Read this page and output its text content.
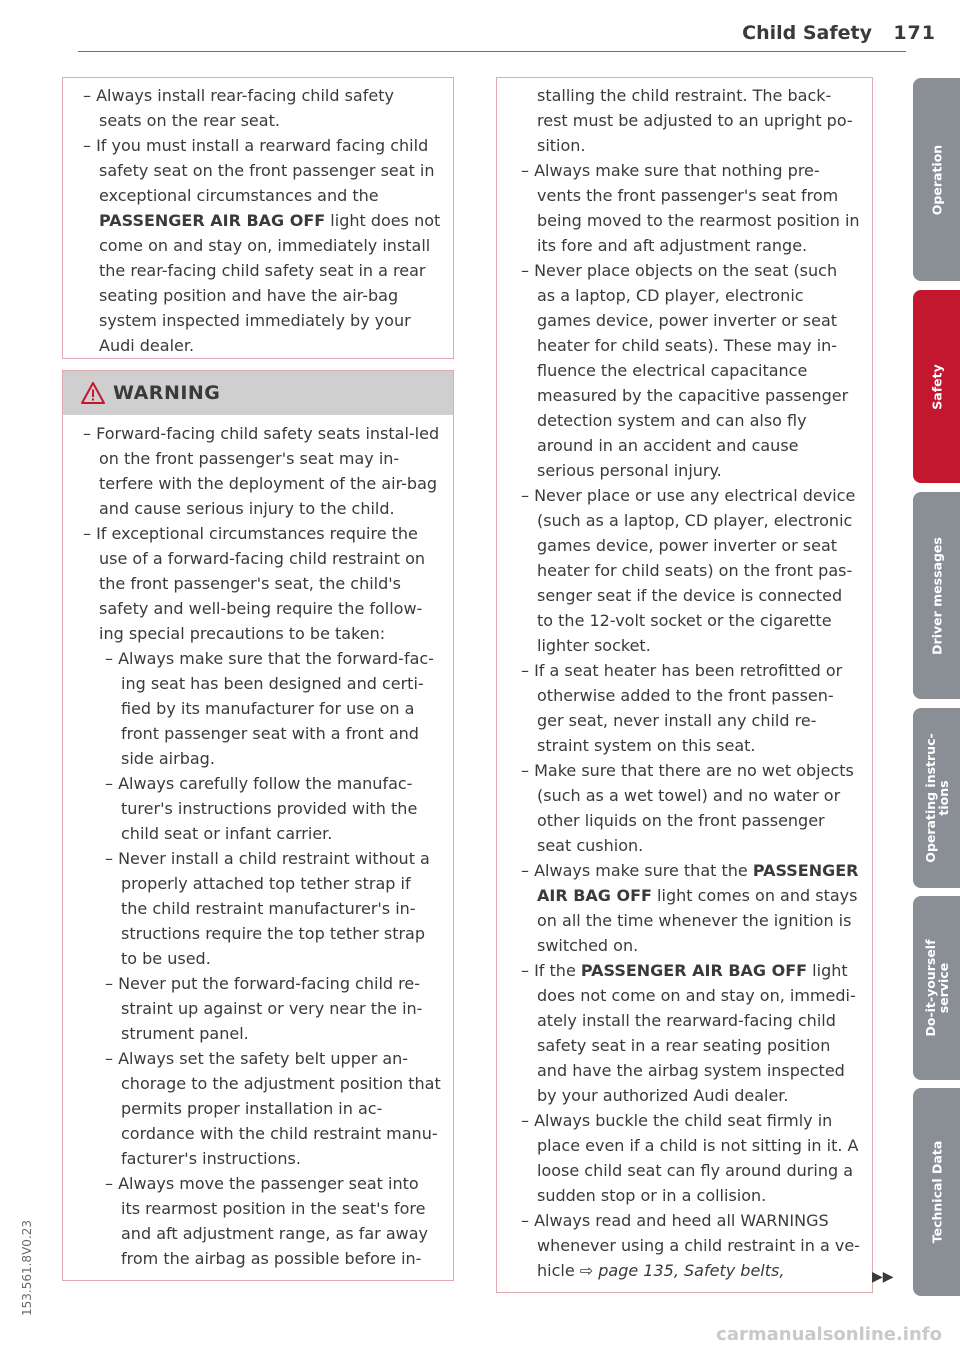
Child Safety 171

– Always install rear-facing child safety seats on the rear seat.

– If you must install a rearward facing child safety seat on the front passenger seat in exceptional circumstances and the PASSENGER AIR BAG OFF light does not come on and stay on, immediately install the rear-facing child safety seat in a rear seating position and have the air-bag system inspected immediately by your Audi dealer.

WARNING

– Forward-facing child safety seats instal-led on the front passenger's seat may in-terfere with the deployment of the air-bag and cause serious injury to the child.

– If exceptional circumstances require the use of a forward-facing child restraint on the front passenger's seat, the child's safety and well-being require the follow-ing special precautions to be taken:

– Always make sure that the forward-fac-ing seat has been designed and certi-fied by its manufacturer for use on a front passenger seat with a front and side airbag.

– Always carefully follow the manufac-turer's instructions provided with the child seat or infant carrier.

– Never install a child restraint without a properly attached top tether strap if the child restraint manufacturer's in-structions require the top tether strap to be used.

– Never put the forward-facing child re-straint up against or very near the in-strument panel.

– Always set the safety belt upper an-chorage to the adjustment position that permits proper installation in ac-cordance with the child restraint manu-facturer's instructions.

– Always move the passenger seat into its rearmost position in the seat's fore and aft adjustment range, as far away from the airbag as possible before in-

stalling the child restraint. The back-rest must be adjusted to an upright po-sition.

– Always make sure that nothing pre-vents the front passenger's seat from being moved to the rearmost position in its fore and aft adjustment range.

– Never place objects on the seat (such as a laptop, CD player, electronic games device, power inverter or seat heater for child seats). These may in-fluence the electrical capacitance measured by the capacitive passenger detection system and can also fly around in an accident and cause serious personal injury.

– Never place or use any electrical device (such as a laptop, CD player, electronic games device, power inverter or seat heater for child seats) on the front pas-senger seat if the device is connected to the 12-volt socket or the cigarette lighter socket.

– If a seat heater has been retrofitted or otherwise added to the front passen-ger seat, never install any child re-straint system on this seat.

– Make sure that there are no wet objects (such as a wet towel) and no water or other liquids on the front passenger seat cushion.

– Always make sure that the PASSENGER AIR BAG OFF light comes on and stays on all the time whenever the ignition is switched on.

– If the PASSENGER AIR BAG OFF light does not come on and stay on, immedi-ately install the rearward-facing child safety seat in a rear seating position and have the airbag system inspected by your authorized Audi dealer.

– Always buckle the child seat firmly in place even if a child is not sitting in it. A loose child seat can fly around during a sudden stop or in a collision.

– Always read and heed all WARNINGS whenever using a child restraint in a ve-hicle ⇨ page 135, Safety belts,	▶▶
Operation
Safety
Driver messages
Operating instruc-
tions
Do-it-yourself
service
Technical Data
153.561.8V0.23
carmanualsonline.info
